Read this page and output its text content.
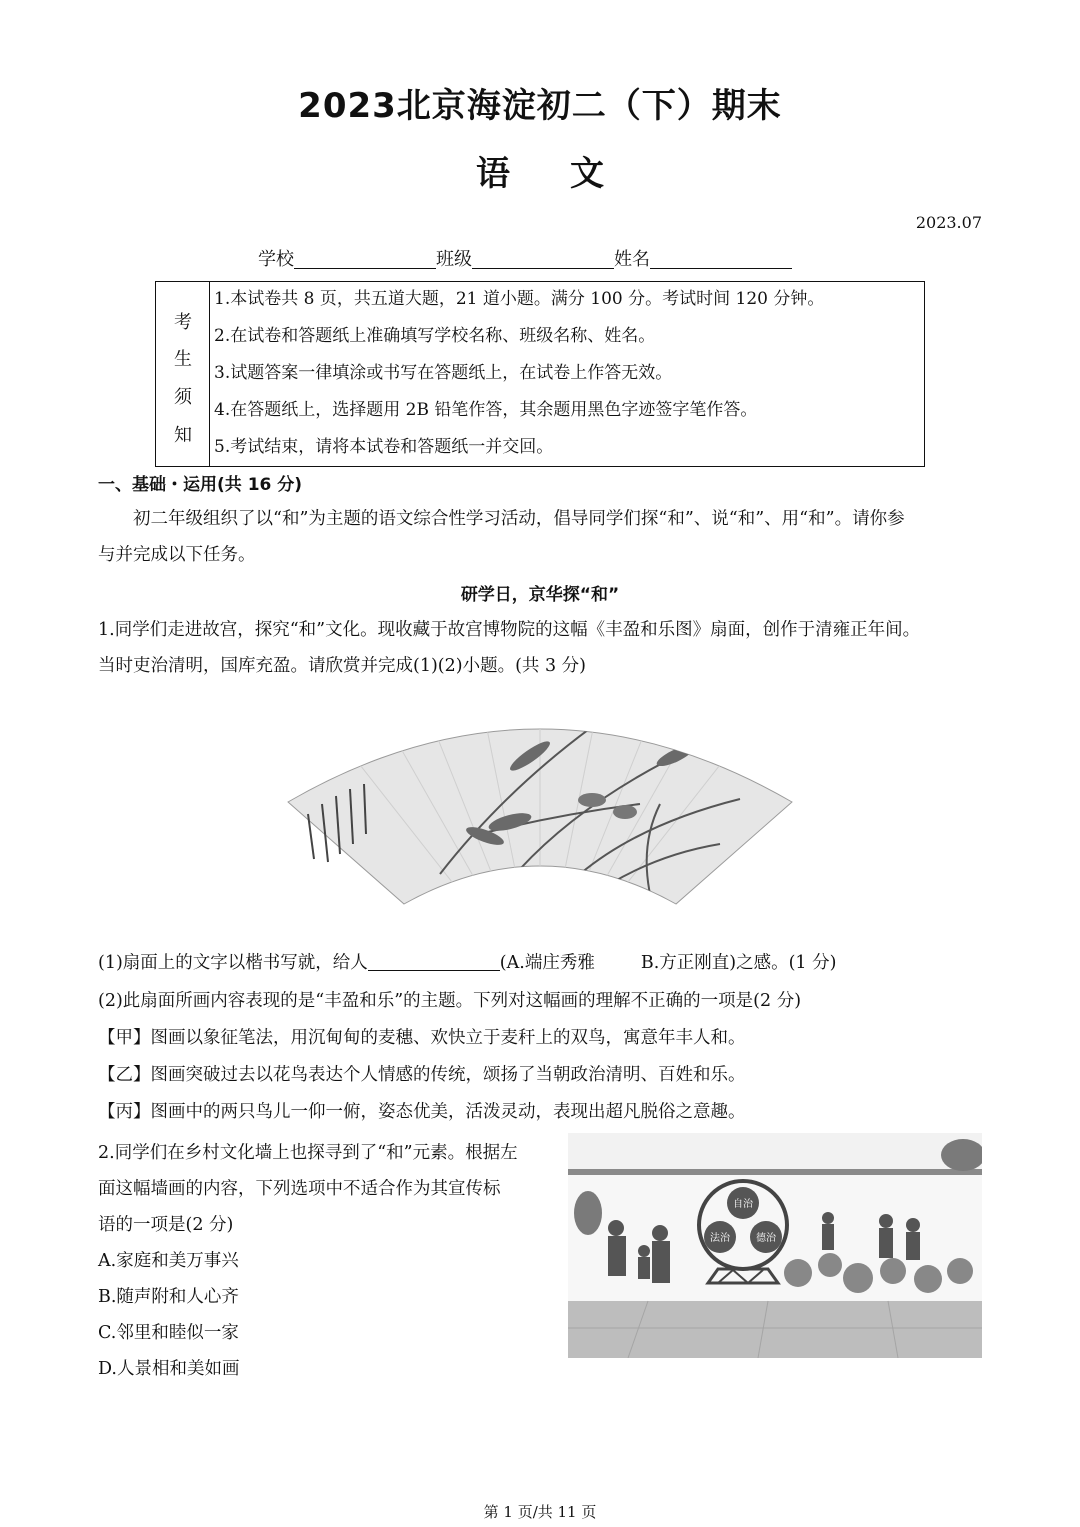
2023北京海淀初二（下）期末
语文
2023.07
学校	班级	姓名
考
生
须
知
1.本试卷共 8 页，共五道大题，21 道小题。满分 100 分。考试时间 120 分钟。
2.在试卷和答题纸上准确填写学校名称、班级名称、姓名。
3.试题答案一律填涂或书写在答题纸上，在试卷上作答无效。
4.在答题纸上，选择题用 2B 铅笔作答，其余题用黑色字迹签字笔作答。
5.考试结束，请将本试卷和答题纸一并交回。
一、基础・运用(共 16 分)
初二年级组织了以“和”为主题的语文综合性学习活动，倡导同学们探“和”、说“和”、用“和”。请你参
与并完成以下任务。
研学日，京华探“和”
1.同学们走进故宫，探究“和”文化。现收藏于故宫博物院的这幅《丰盈和乐图》扇面，创作于清雍正年间。
当时吏治清明，国库充盈。请欣赏并完成(1)(2)小题。(共 3 分)
(1)扇面上的文字以楷书写就，给人	(A.端庄秀雅	B.方正刚直)之感。(1 分)
(2)此扇面所画内容表现的是“丰盈和乐”的主题。下列对这幅画的理解不正确的一项是(2 分)
【甲】图画以象征笔法，用沉甸甸的麦穗、欢快立于麦秆上的双鸟，寓意年丰人和。
【乙】图画突破过去以花鸟表达个人情感的传统，颂扬了当朝政治清明、百姓和乐。
【丙】图画中的两只鸟儿一仰一俯，姿态优美，活泼灵动，表现出超凡脱俗之意趣。
2.同学们在乡村文化墙上也探寻到了“和”元素。根据左
面这幅墙画的内容，下列选项中不适合作为其宣传标
语的一项是(2 分)
A.家庭和美万事兴
B.随声附和人心齐
C.邻里和睦似一家
D.人景相和美如画
自治
法治	德治
第 1 页/共 11 页
